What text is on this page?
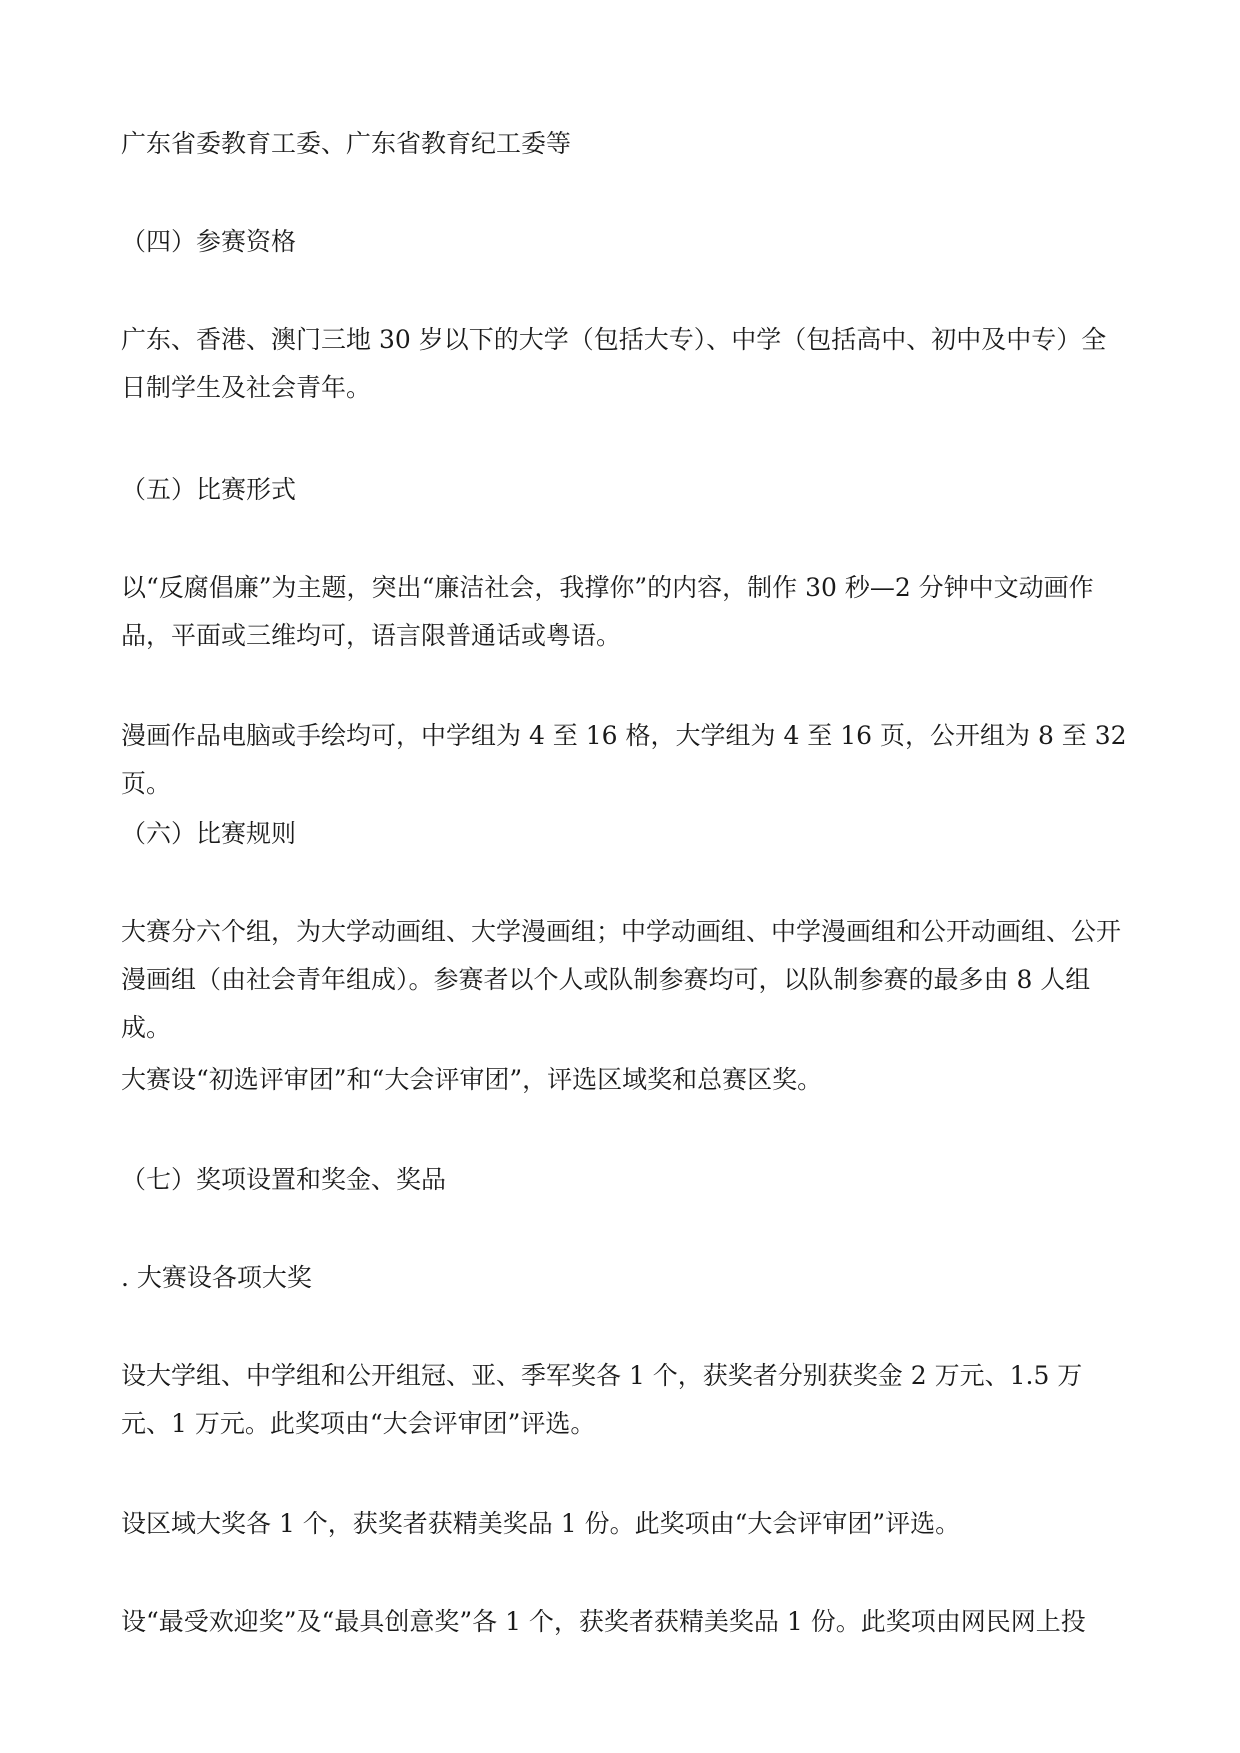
广东省委教育工委、广东省教育纪工委等

（四）参赛资格

广东、香港、澳门三地 30 岁以下的大学（包括大专）、中学（包括高中、初中及中专）全日制学生及社会青年。

（五）比赛形式

以“反腐倡廉”为主题，突出“廉洁社会，我撑你”的内容，制作 30 秒—2 分钟中文动画作品，平面或三维均可，语言限普通话或粤语。

漫画作品电脑或手绘均可，中学组为 4 至 16 格，大学组为 4 至 16 页，公开组为 8 至 32 页。

（六）比赛规则

大赛分六个组，为大学动画组、大学漫画组；中学动画组、中学漫画组和公开动画组、公开漫画组（由社会青年组成）。参赛者以个人或队制参赛均可，以队制参赛的最多由 8 人组成。

大赛设“初选评审团”和“大会评审团”，评选区域奖和总赛区奖。

（七）奖项设置和奖金、奖品

. 大赛设各项大奖

设大学组、中学组和公开组冠、亚、季军奖各 1 个，获奖者分别获奖金 2 万元、1.5 万元、1 万元。此奖项由“大会评审团”评选。

设区域大奖各 1 个，获奖者获精美奖品 1 份。此奖项由“大会评审团”评选。

设“最受欢迎奖”及“最具创意奖”各 1 个，获奖者获精美奖品 1 份。此奖项由网民网上投
